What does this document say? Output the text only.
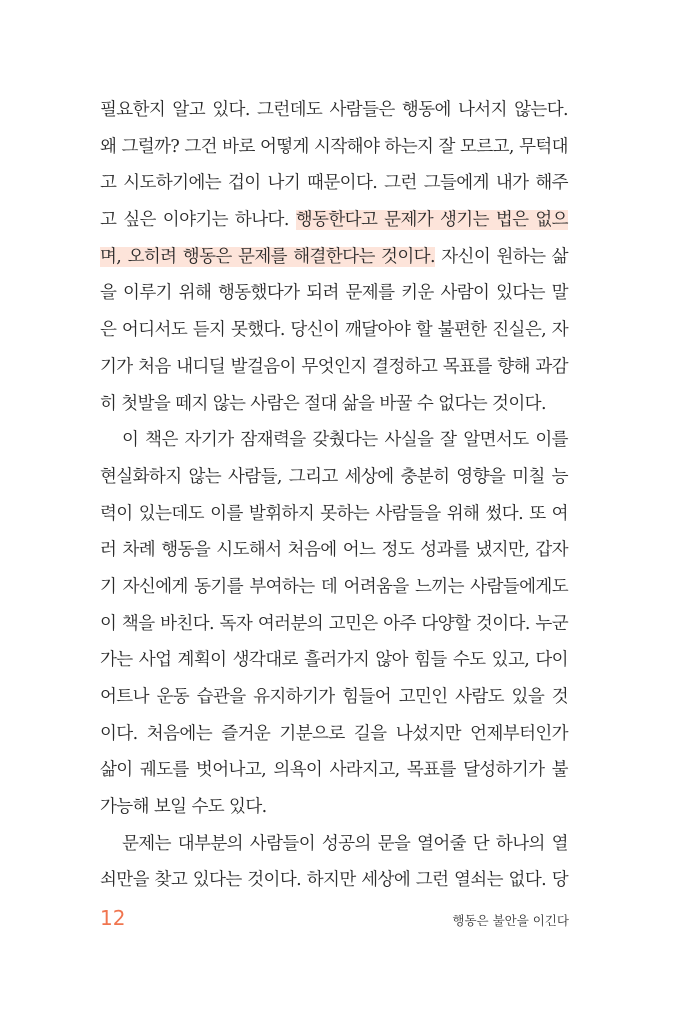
필요한지 알고 있다. 그런데도 사람들은 행동에 나서지 않는다.
왜 그럴까? 그건 바로 어떻게 시작해야 하는지 잘 모르고, 무턱대
고 시도하기에는 겁이 나기 때문이다. 그런 그들에게 내가 해주
고 싶은 이야기는 하나다. 행동한다고 문제가 생기는 법은 없으
며, 오히려 행동은 문제를 해결한다는 것이다. 자신이 원하는 삶
을 이루기 위해 행동했다가 되려 문제를 키운 사람이 있다는 말
은 어디서도 듣지 못했다. 당신이 깨달아야 할 불편한 진실은, 자
기가 처음 내디딜 발걸음이 무엇인지 결정하고 목표를 향해 과감
히 첫발을 떼지 않는 사람은 절대 삶을 바꿀 수 없다는 것이다.
이 책은 자기가 잠재력을 갖췄다는 사실을 잘 알면서도 이를
현실화하지 않는 사람들, 그리고 세상에 충분히 영향을 미칠 능
력이 있는데도 이를 발휘하지 못하는 사람들을 위해 썼다. 또 여
러 차례 행동을 시도해서 처음에 어느 정도 성과를 냈지만, 갑자
기 자신에게 동기를 부여하는 데 어려움을 느끼는 사람들에게도
이 책을 바친다. 독자 여러분의 고민은 아주 다양할 것이다. 누군
가는 사업 계획이 생각대로 흘러가지 않아 힘들 수도 있고, 다이
어트나 운동 습관을 유지하기가 힘들어 고민인 사람도 있을 것
이다. 처음에는 즐거운 기분으로 길을 나섰지만 언제부터인가
삶이 궤도를 벗어나고, 의욕이 사라지고, 목표를 달성하기가 불
가능해 보일 수도 있다.
문제는 대부분의 사람들이 성공의 문을 열어줄 단 하나의 열
쇠만을 찾고 있다는 것이다. 하지만 세상에 그런 열쇠는 없다. 당
12	행동은 불안을 이긴다
